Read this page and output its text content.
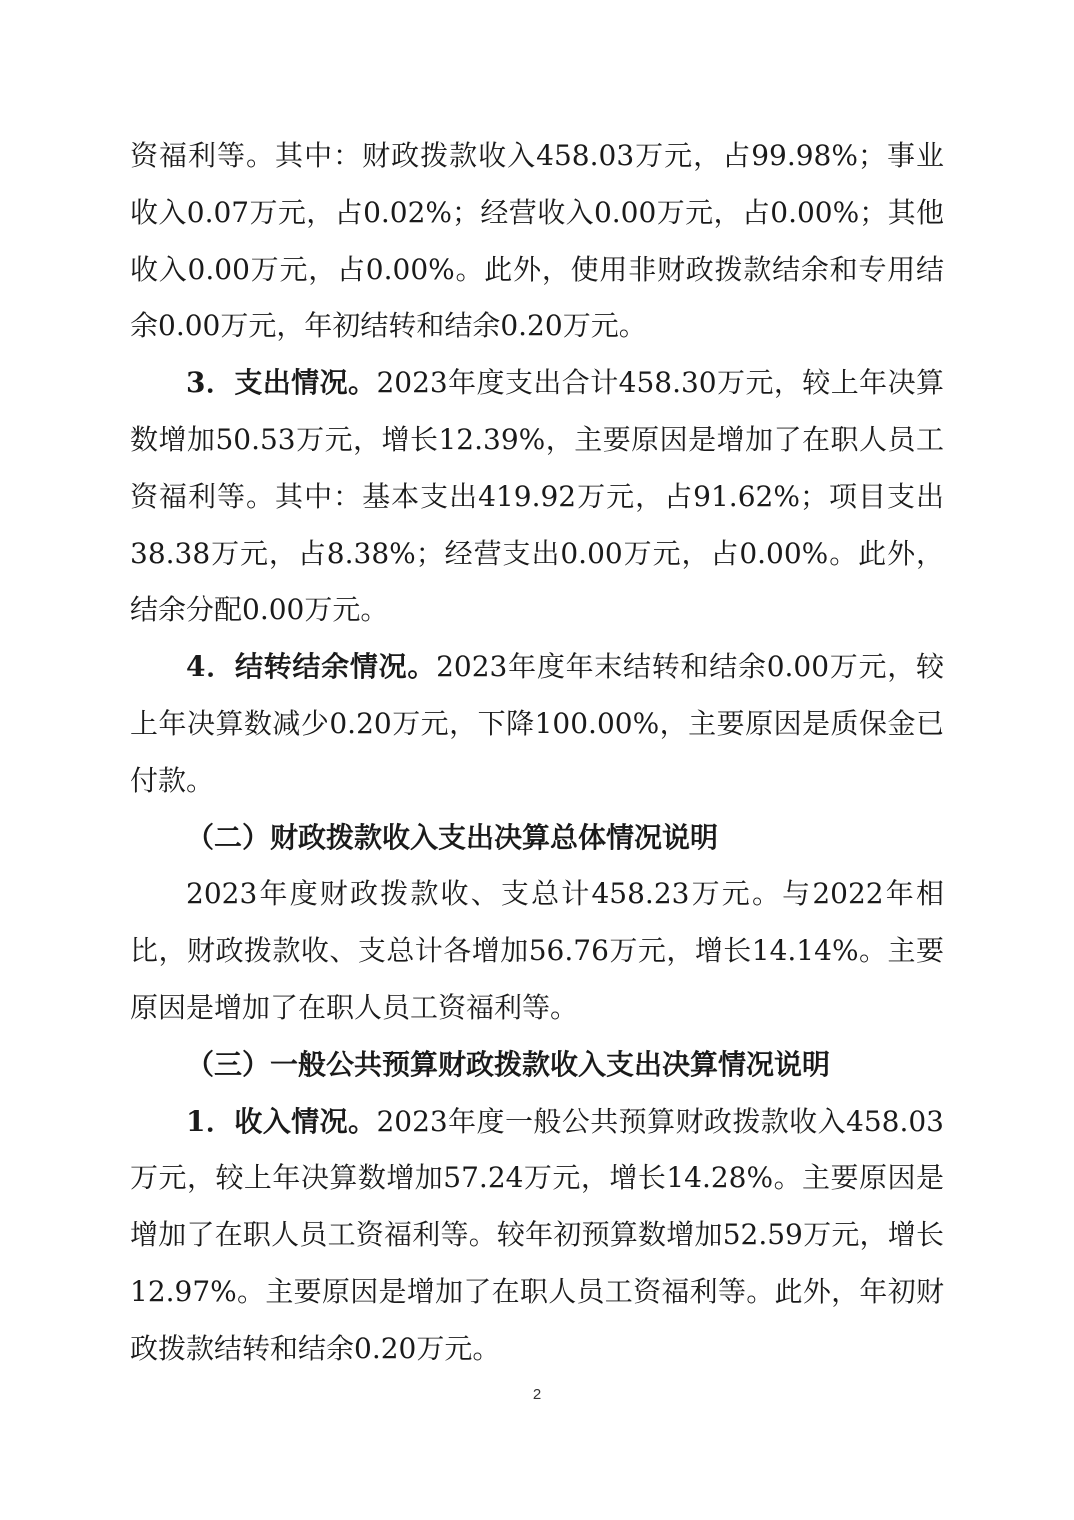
资福利等。其中：财政拨款收入458.03万元，占99.98%；事业收入0.07万元，占0.02%；经营收入0.00万元，占0.00%；其他收入0.00万元，占0.00%。此外，使用非财政拨款结余和专用结余0.00万元，年初结转和结余0.20万元。

3．支出情况。2023年度支出合计458.30万元，较上年决算数增加50.53万元，增长12.39%，主要原因是增加了在职人员工资福利等。其中：基本支出419.92万元，占91.62%；项目支出38.38万元，占8.38%；经营支出0.00万元，占0.00%。此外，结余分配0.00万元。

4．结转结余情况。2023年度年末结转和结余0.00万元，较上年决算数减少0.20万元，下降100.00%，主要原因是质保金已付款。

（二）财政拨款收入支出决算总体情况说明

2023年度财政拨款收、支总计458.23万元。与2022年相比，财政拨款收、支总计各增加56.76万元，增长14.14%。主要原因是增加了在职人员工资福利等。

（三）一般公共预算财政拨款收入支出决算情况说明

1．收入情况。2023年度一般公共预算财政拨款收入458.03万元，较上年决算数增加57.24万元，增长14.28%。主要原因是增加了在职人员工资福利等。较年初预算数增加52.59万元，增长12.97%。主要原因是增加了在职人员工资福利等。此外，年初财政拨款结转和结余0.20万元。

2
